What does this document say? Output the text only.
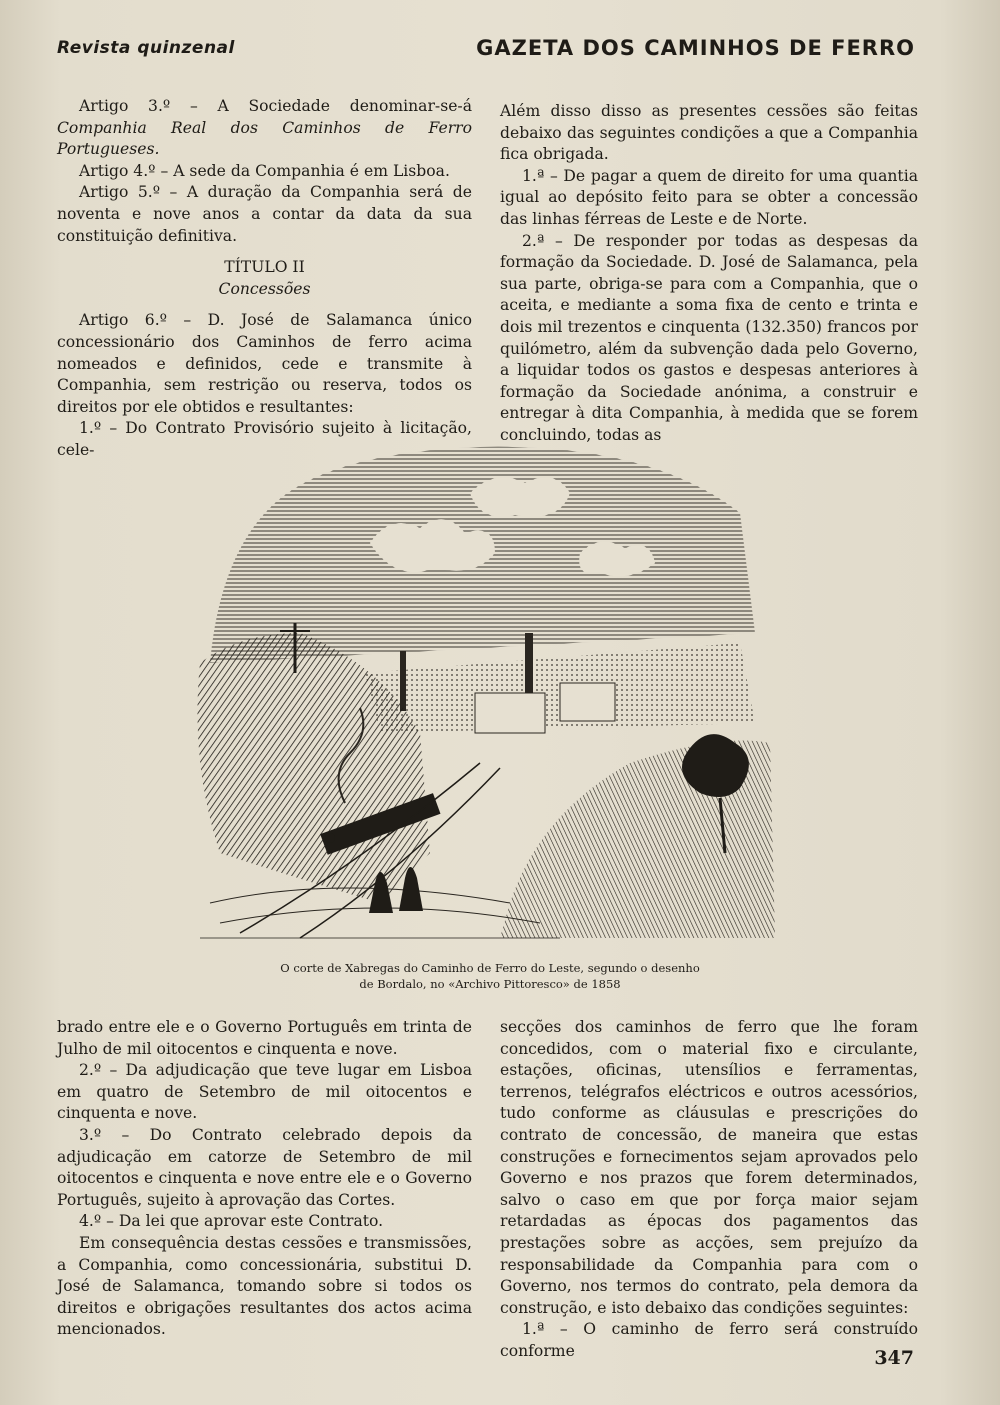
Revista quinzenal	GAZETA DOS CAMINHOS DE FERRO

Artigo 3.º – A Sociedade denominar-se-á Companhia Real dos Caminhos de Ferro Portugueses.

Artigo 4.º – A sede da Companhia é em Lisboa.

Artigo 5.º – A duração da Companhia será de noventa e nove anos a contar da data da sua constituição definitiva.

TÍTULO II

Concessões

Artigo 6.º – D. José de Salamanca único concessionário dos Caminhos de ferro acima nomeados e definidos, cede e transmite à Companhia, sem restrição ou reserva, todos os direitos por ele obtidos e resultantes:

1.º – Do Contrato Provisório sujeito à licitação, cele-

Além disso disso as presentes cessões são feitas debaixo das seguintes condições a que a Companhia fica obrigada.

1.ª – De pagar a quem de direito for uma quantia igual ao depósito feito para se obter a concessão das linhas férreas de Leste e de Norte.

2.ª – De responder por todas as despesas da formação da Sociedade. D. José de Salamanca, pela sua parte, obriga-se para com a Companhia, que o aceita, e mediante a soma fixa de cento e trinta e dois mil trezentos e cinquenta (132.350) francos por quilómetro, além da subvenção dada pelo Governo, a liquidar todos os gastos e despesas anteriores à formação da Sociedade anónima, a construir e entregar à dita Companhia, à medida que se forem concluindo, todas as

O corte de Xabregas do Caminho de Ferro do Leste, segundo o desenho
de Bordalo, no «Archivo Pittoresco» de 1858

brado entre ele e o Governo Português em trinta de Julho de mil oitocentos e cinquenta e nove.

2.º – Da adjudicação que teve lugar em Lisboa em quatro de Setembro de mil oitocentos e cinquenta e nove.

3.º – Do Contrato celebrado depois da adjudicação em catorze de Setembro de mil oitocentos e cinquenta e nove entre ele e o Governo Português, sujeito à aprovação das Cortes.

4.º – Da lei que aprovar este Contrato.

Em consequência destas cessões e transmissões, a Companhia, como concessionária, substitui D. José de Salamanca, tomando sobre si todos os direitos e obrigações resultantes dos actos acima mencionados.

secções dos caminhos de ferro que lhe foram concedidos, com o material fixo e circulante, estações, oficinas, utensílios e ferramentas, terrenos, telégrafos eléctricos e outros acessórios, tudo conforme as cláusulas e prescrições do contrato de concessão, de maneira que estas construções e fornecimentos sejam aprovados pelo Governo e nos prazos que forem determinados, salvo o caso em que por força maior sejam retardadas as épocas dos pagamentos das prestações sobre as acções, sem prejuízo da responsabilidade da Companhia para com o Governo, nos termos do contrato, pela demora da construção, e isto debaixo das condições seguintes:

1.ª – O caminho de ferro será construído conforme	347
